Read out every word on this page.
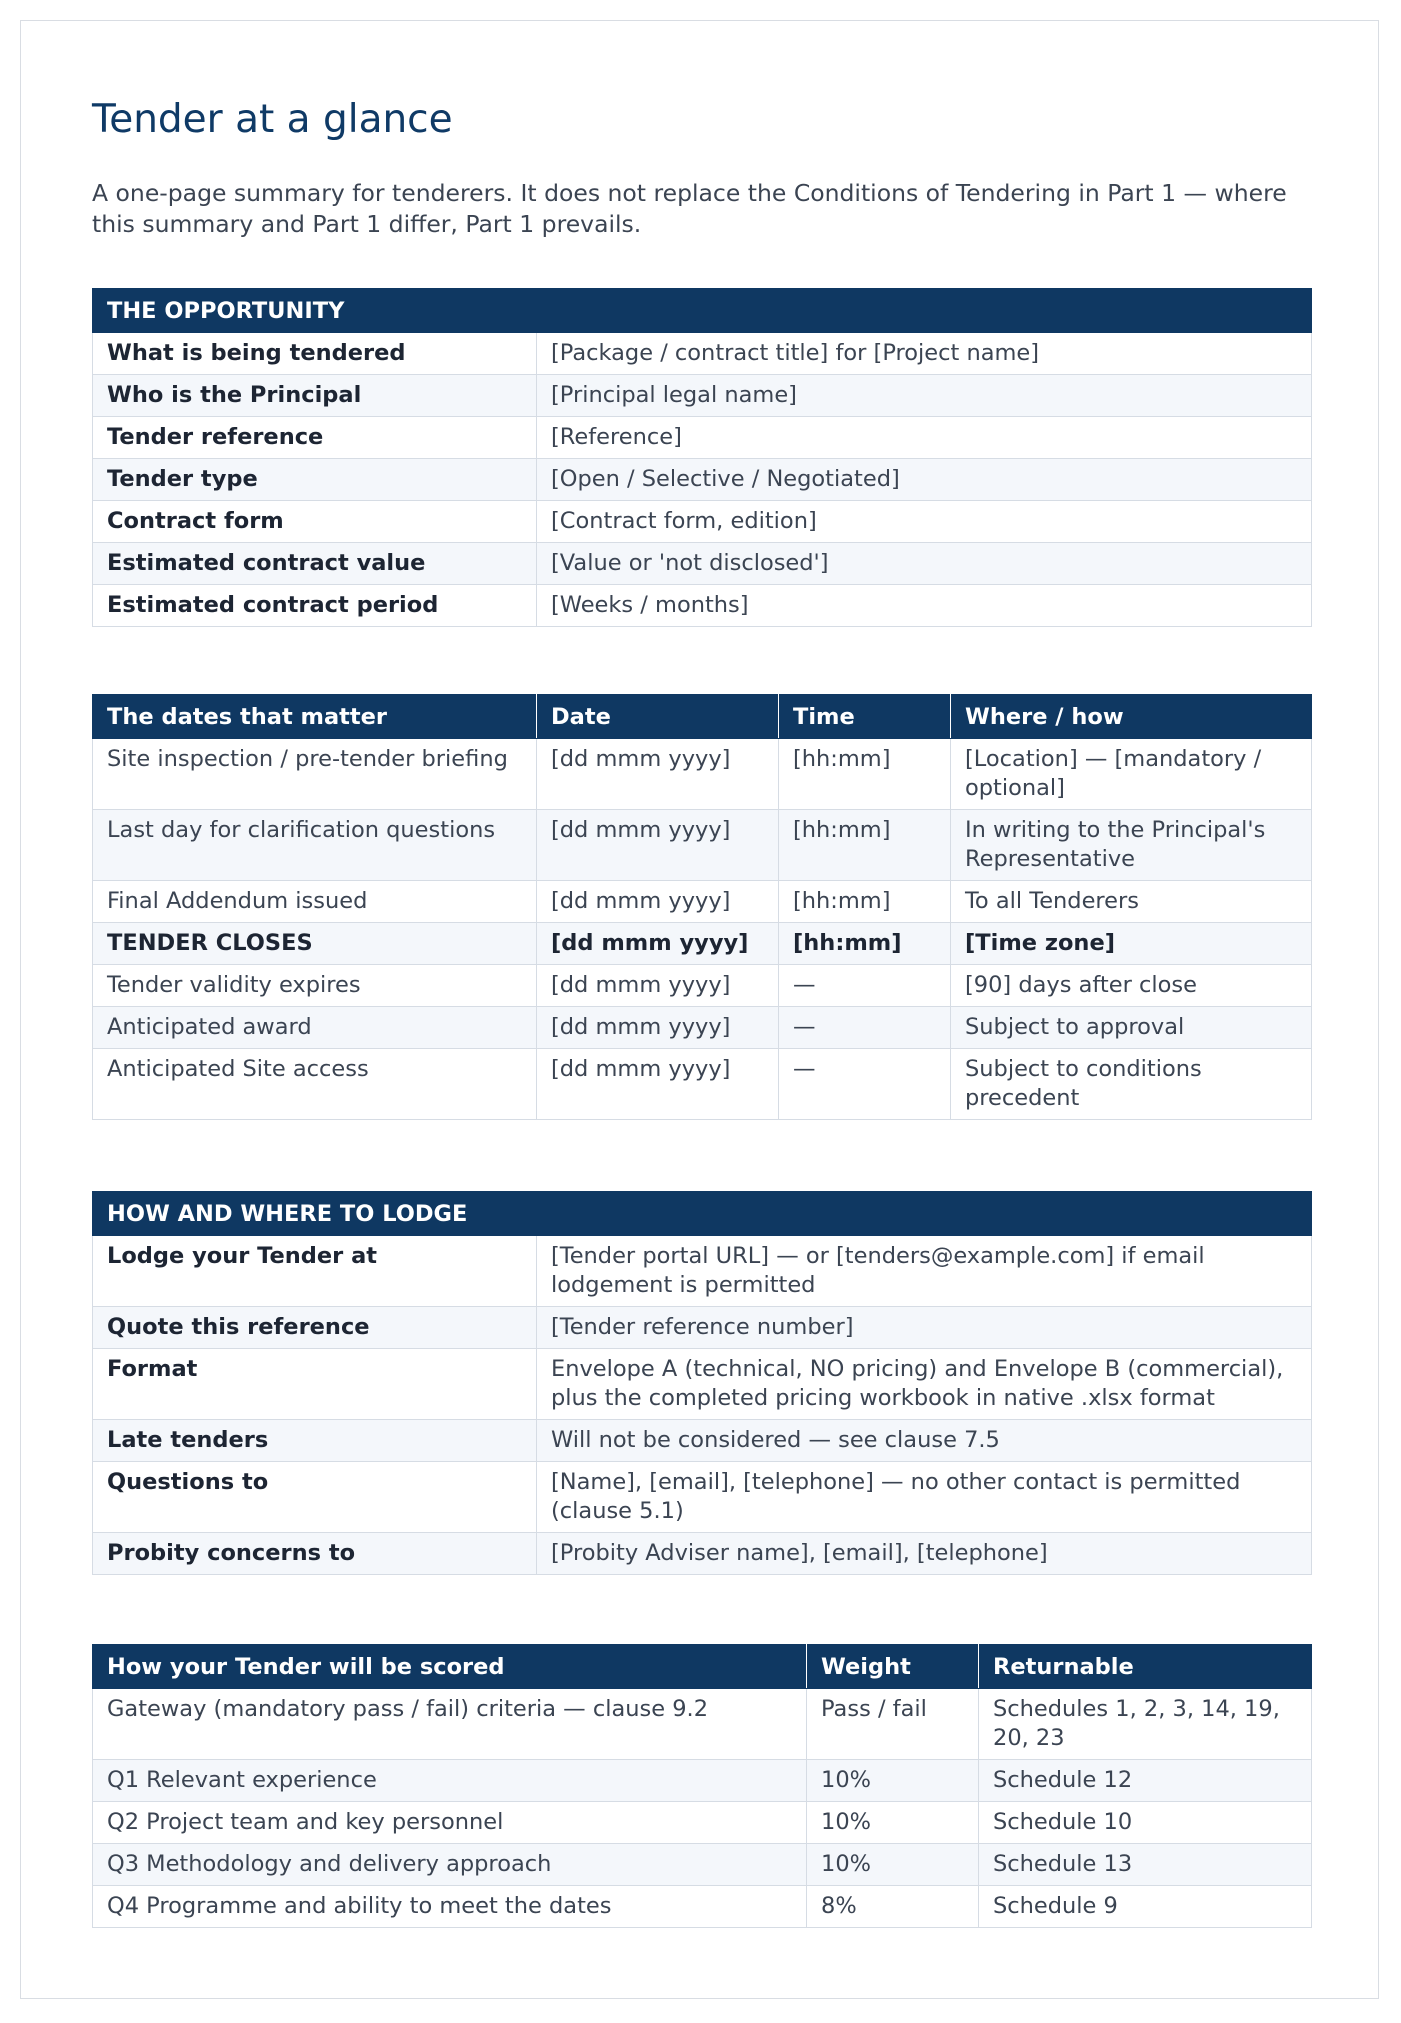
Tender at a glance

A one-page summary for tenderers. It does not replace the Conditions of Tendering in Part 1 — where this summary and Part 1 differ, Part 1 prevails.

THE OPPORTUNITY	
What is being tendered	[Package / contract title] for [Project name]
Who is the Principal	[Principal legal name]
Tender reference	[Reference]
Tender type	[Open / Selective / Negotiated]
Contract form	[Contract form, edition]
Estimated contract value	[Value or 'not disclosed']
Estimated contract period	[Weeks / months]
The dates that matter	Date	Time	Where / how
Site inspection / pre-tender briefing	[dd mmm yyyy]	[hh:mm]	[Location] — [mandatory / optional]
Last day for clarification questions	[dd mmm yyyy]	[hh:mm]	In writing to the Principal's Representative
Final Addendum issued	[dd mmm yyyy]	[hh:mm]	To all Tenderers
TENDER CLOSES	[dd mmm yyyy]	[hh:mm]	[Time zone]
Tender validity expires	[dd mmm yyyy]	—	[90] days after close
Anticipated award	[dd mmm yyyy]	—	Subject to approval
Anticipated Site access	[dd mmm yyyy]	—	Subject to conditions precedent
HOW AND WHERE TO LODGE	
Lodge your Tender at	[Tender portal URL] — or [tenders@example.com] if email lodgement is permitted
Quote this reference	[Tender reference number]
Format	Envelope A (technical, NO pricing) and Envelope B (commercial), plus the completed pricing workbook in native .xlsx format
Late tenders	Will not be considered — see clause 7.5
Questions to	[Name], [email], [telephone] — no other contact is permitted (clause 5.1)
Probity concerns to	[Probity Adviser name], [email], [telephone]
How your Tender will be scored	Weight	Returnable
Gateway (mandatory pass / fail) criteria — clause 9.2	Pass / fail	Schedules 1, 2, 3, 14, 19, 20, 23
Q1 Relevant experience	10%	Schedule 12
Q2 Project team and key personnel	10%	Schedule 10
Q3 Methodology and delivery approach	10%	Schedule 13
Q4 Programme and ability to meet the dates	8%	Schedule 9
